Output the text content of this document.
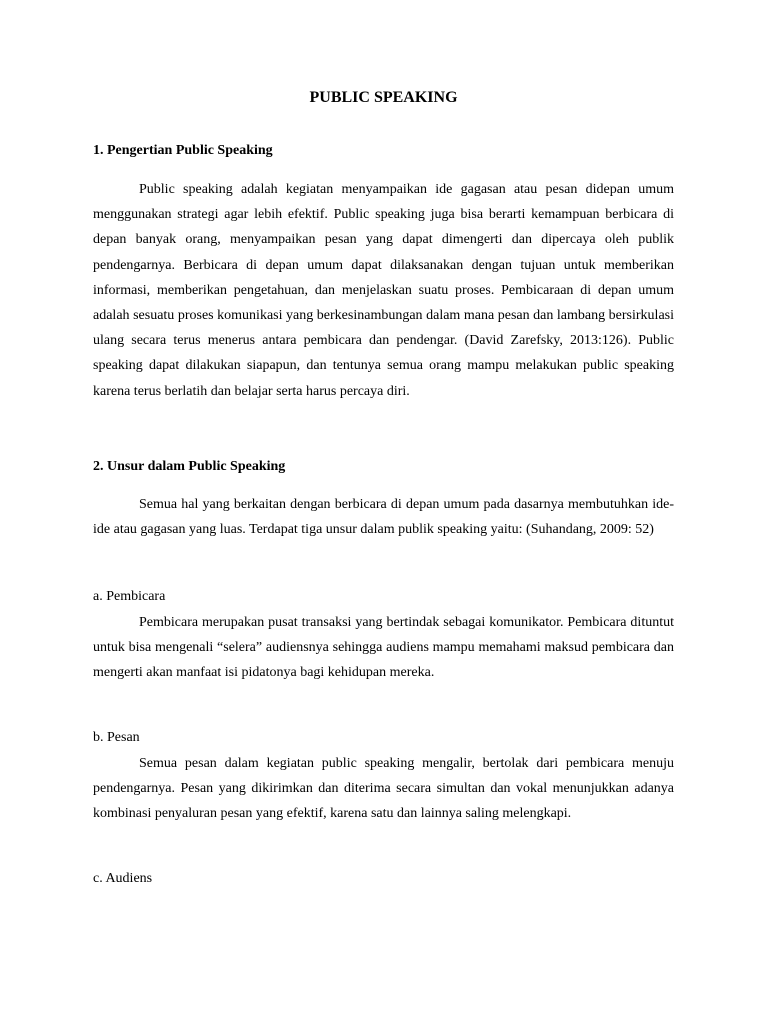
PUBLIC SPEAKING
1. Pengertian Public Speaking

Public speaking adalah kegiatan menyampaikan ide gagasan atau pesan didepan umum menggunakan strategi agar lebih efektif. Public speaking juga bisa berarti kemampuan berbicara di depan banyak orang, menyampaikan pesan yang dapat dimengerti dan dipercaya oleh publik pendengarnya. Berbicara di depan umum dapat dilaksanakan dengan tujuan untuk memberikan informasi, memberikan pengetahuan, dan menjelaskan suatu proses. Pembicaraan di depan umum adalah sesuatu proses komunikasi yang berkesinambungan dalam mana pesan dan lambang bersirkulasi ulang secara terus menerus antara pembicara dan pendengar. (David Zarefsky, 2013:126). Public speaking dapat dilakukan siapapun, dan tentunya semua orang mampu melakukan public speaking karena terus berlatih dan belajar serta harus percaya diri.

2. Unsur dalam Public Speaking

Semua hal yang berkaitan dengan berbicara di depan umum pada dasarnya membutuhkan ide-ide atau gagasan yang luas. Terdapat tiga unsur dalam publik speaking yaitu: (Suhandang, 2009: 52)

a. Pembicara

Pembicara merupakan pusat transaksi yang bertindak sebagai komunikator. Pembicara dituntut untuk bisa mengenali “selera” audiensnya sehingga audiens mampu memahami maksud pembicara dan mengerti akan manfaat isi pidatonya bagi kehidupan mereka.

b. Pesan

Semua pesan dalam kegiatan public speaking mengalir, bertolak dari pembicara menuju pendengarnya. Pesan yang dikirimkan dan diterima secara simultan dan vokal menunjukkan adanya kombinasi penyaluran pesan yang efektif, karena satu dan lainnya saling melengkapi.

c. Audiens
